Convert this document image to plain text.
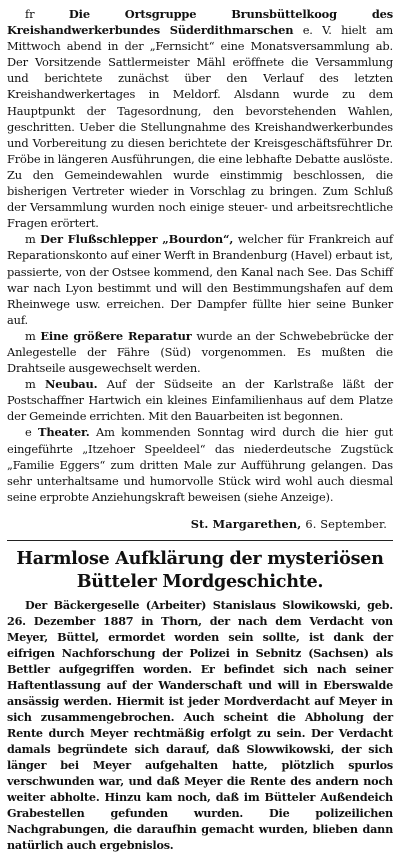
fr	Die Ortsgruppe Brunsbüttelkoog des Kreishandwerkerbundes Süderdithmarschen e. V. hielt am Mittwoch abend in der „Fernsicht“ eine Monatsversammlung ab. Der Vorsitzende Sattlermeister Mähl eröffnete die Versammlung und berichtete zunächst über den Verlauf des letzten Kreishandwerkertages in Meldorf. Alsdann wurde zu dem Hauptpunkt der Tagesordnung, den bevorstehenden Wahlen, geschritten. Ueber die Stellungnahme des Kreishandwerkerbundes und Vorbereitung zu diesen berichtete der Kreisgeschäftsführer Dr. Fröbe in längeren Ausführungen, die eine lebhafte Debatte auslöste. Zu den Gemeindewahlen wurde einstimmig beschlossen, die bisherigen Vertreter wieder in Vorschlag zu bringen. Zum Schluß der Versammlung wurden noch einige steuer- und arbeitsrechtliche Fragen erörtert.

m Der Flußschlepper „Bourdon“, welcher für Frankreich auf Reparationskonto auf einer Werft in Brandenburg (Havel) erbaut ist, passierte, von der Ostsee kommend, den Kanal nach See. Das Schiff war nach Lyon bestimmt und will den Bestimmungshafen auf dem Rheinwege usw. erreichen. Der Dampfer füllte hier seine Bunker auf.

m Eine größere Reparatur wurde an der Schwebebrücke der Anlegestelle der Fähre (Süd) vorgenommen. Es mußten die Drahtseile ausgewechselt werden.

m Neubau. Auf der Südseite an der Karlstraße läßt der Postschaffner Hartwich ein kleines Einfamilienhaus auf dem Platze der Gemeinde errichten. Mit den Bauarbeiten ist begonnen.

e Theater. Am kommenden Sonntag wird durch die hier gut eingeführte „Itzehoer Speeldeel“ das niederdeutsche Zugstück „Familie Eggers“ zum dritten Male zur Aufführung gelangen. Das sehr unterhaltsame und humorvolle Stück wird wohl auch diesmal seine erprobte Anziehungskraft beweisen (siehe Anzeige).

St. Margarethen, 6. September.
Harmlose Aufklärung der mysteriösen
Bütteler Mordgeschichte.

Der Bäckergeselle (Arbeiter) Stanislaus Slowikowski, geb. 26. Dezember 1887 in Thorn, der nach dem Verdacht von Meyer, Büttel, ermordet worden sein sollte, ist dank der eifrigen Nachforschung der Polizei in Sebnitz (Sachsen) als Bettler aufgegriffen worden. Er befindet sich nach seiner Haftentlassung auf der Wanderschaft und will in Eberswalde ansässig werden. Hiermit ist jeder Mordverdacht auf Meyer in sich zusammengebrochen. Auch scheint die Abholung der Rente durch Meyer rechtmäßig erfolgt zu sein. Der Verdacht damals begründete sich darauf, daß Slowwikowski, der sich länger bei Meyer aufgehalten hatte, plötzlich spurlos verschwunden war, und daß Meyer die Rente des andern noch weiter abholte. Hinzu kam noch, daß im Bütteler Außendeich Grabestellen gefunden wurden. Die polizeilichen Nachgrabungen, die daraufhin gemacht wurden, blieben dann natürlich auch ergebnislos.
